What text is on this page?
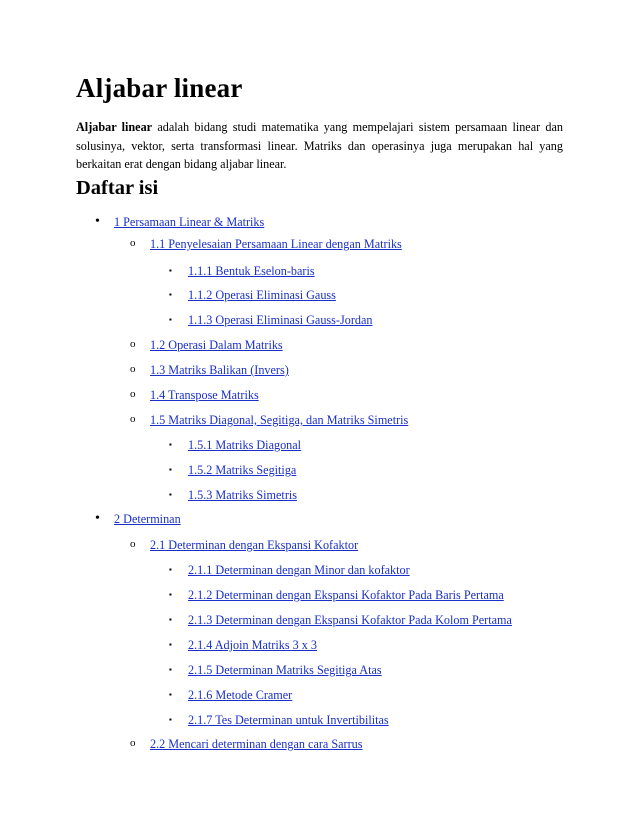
Aljabar linear

Aljabar linear adalah bidang studi matematika yang mempelajari sistem persamaan linear dan solusinya, vektor, serta transformasi linear. Matriks dan operasinya juga merupakan hal yang berkaitan erat dengan bidang aljabar linear.

Daftar isi
• 1 Persamaan Linear & Matriks
o 1.1 Penyelesaian Persamaan Linear dengan Matriks
▪ 1.1.1 Bentuk Eselon-baris
▪ 1.1.2 Operasi Eliminasi Gauss
▪ 1.1.3 Operasi Eliminasi Gauss-Jordan
o 1.2 Operasi Dalam Matriks
o 1.3 Matriks Balikan (Invers)
o 1.4 Transpose Matriks
o 1.5 Matriks Diagonal, Segitiga, dan Matriks Simetris
▪ 1.5.1 Matriks Diagonal
▪ 1.5.2 Matriks Segitiga
▪ 1.5.3 Matriks Simetris
• 2 Determinan
o 2.1 Determinan dengan Ekspansi Kofaktor
▪ 2.1.1 Determinan dengan Minor dan kofaktor
▪ 2.1.2 Determinan dengan Ekspansi Kofaktor Pada Baris Pertama
▪ 2.1.3 Determinan dengan Ekspansi Kofaktor Pada Kolom Pertama
▪ 2.1.4 Adjoin Matriks 3 x 3
▪ 2.1.5 Determinan Matriks Segitiga Atas
▪ 2.1.6 Metode Cramer
▪ 2.1.7 Tes Determinan untuk Invertibilitas
o 2.2 Mencari determinan dengan cara Sarrus
